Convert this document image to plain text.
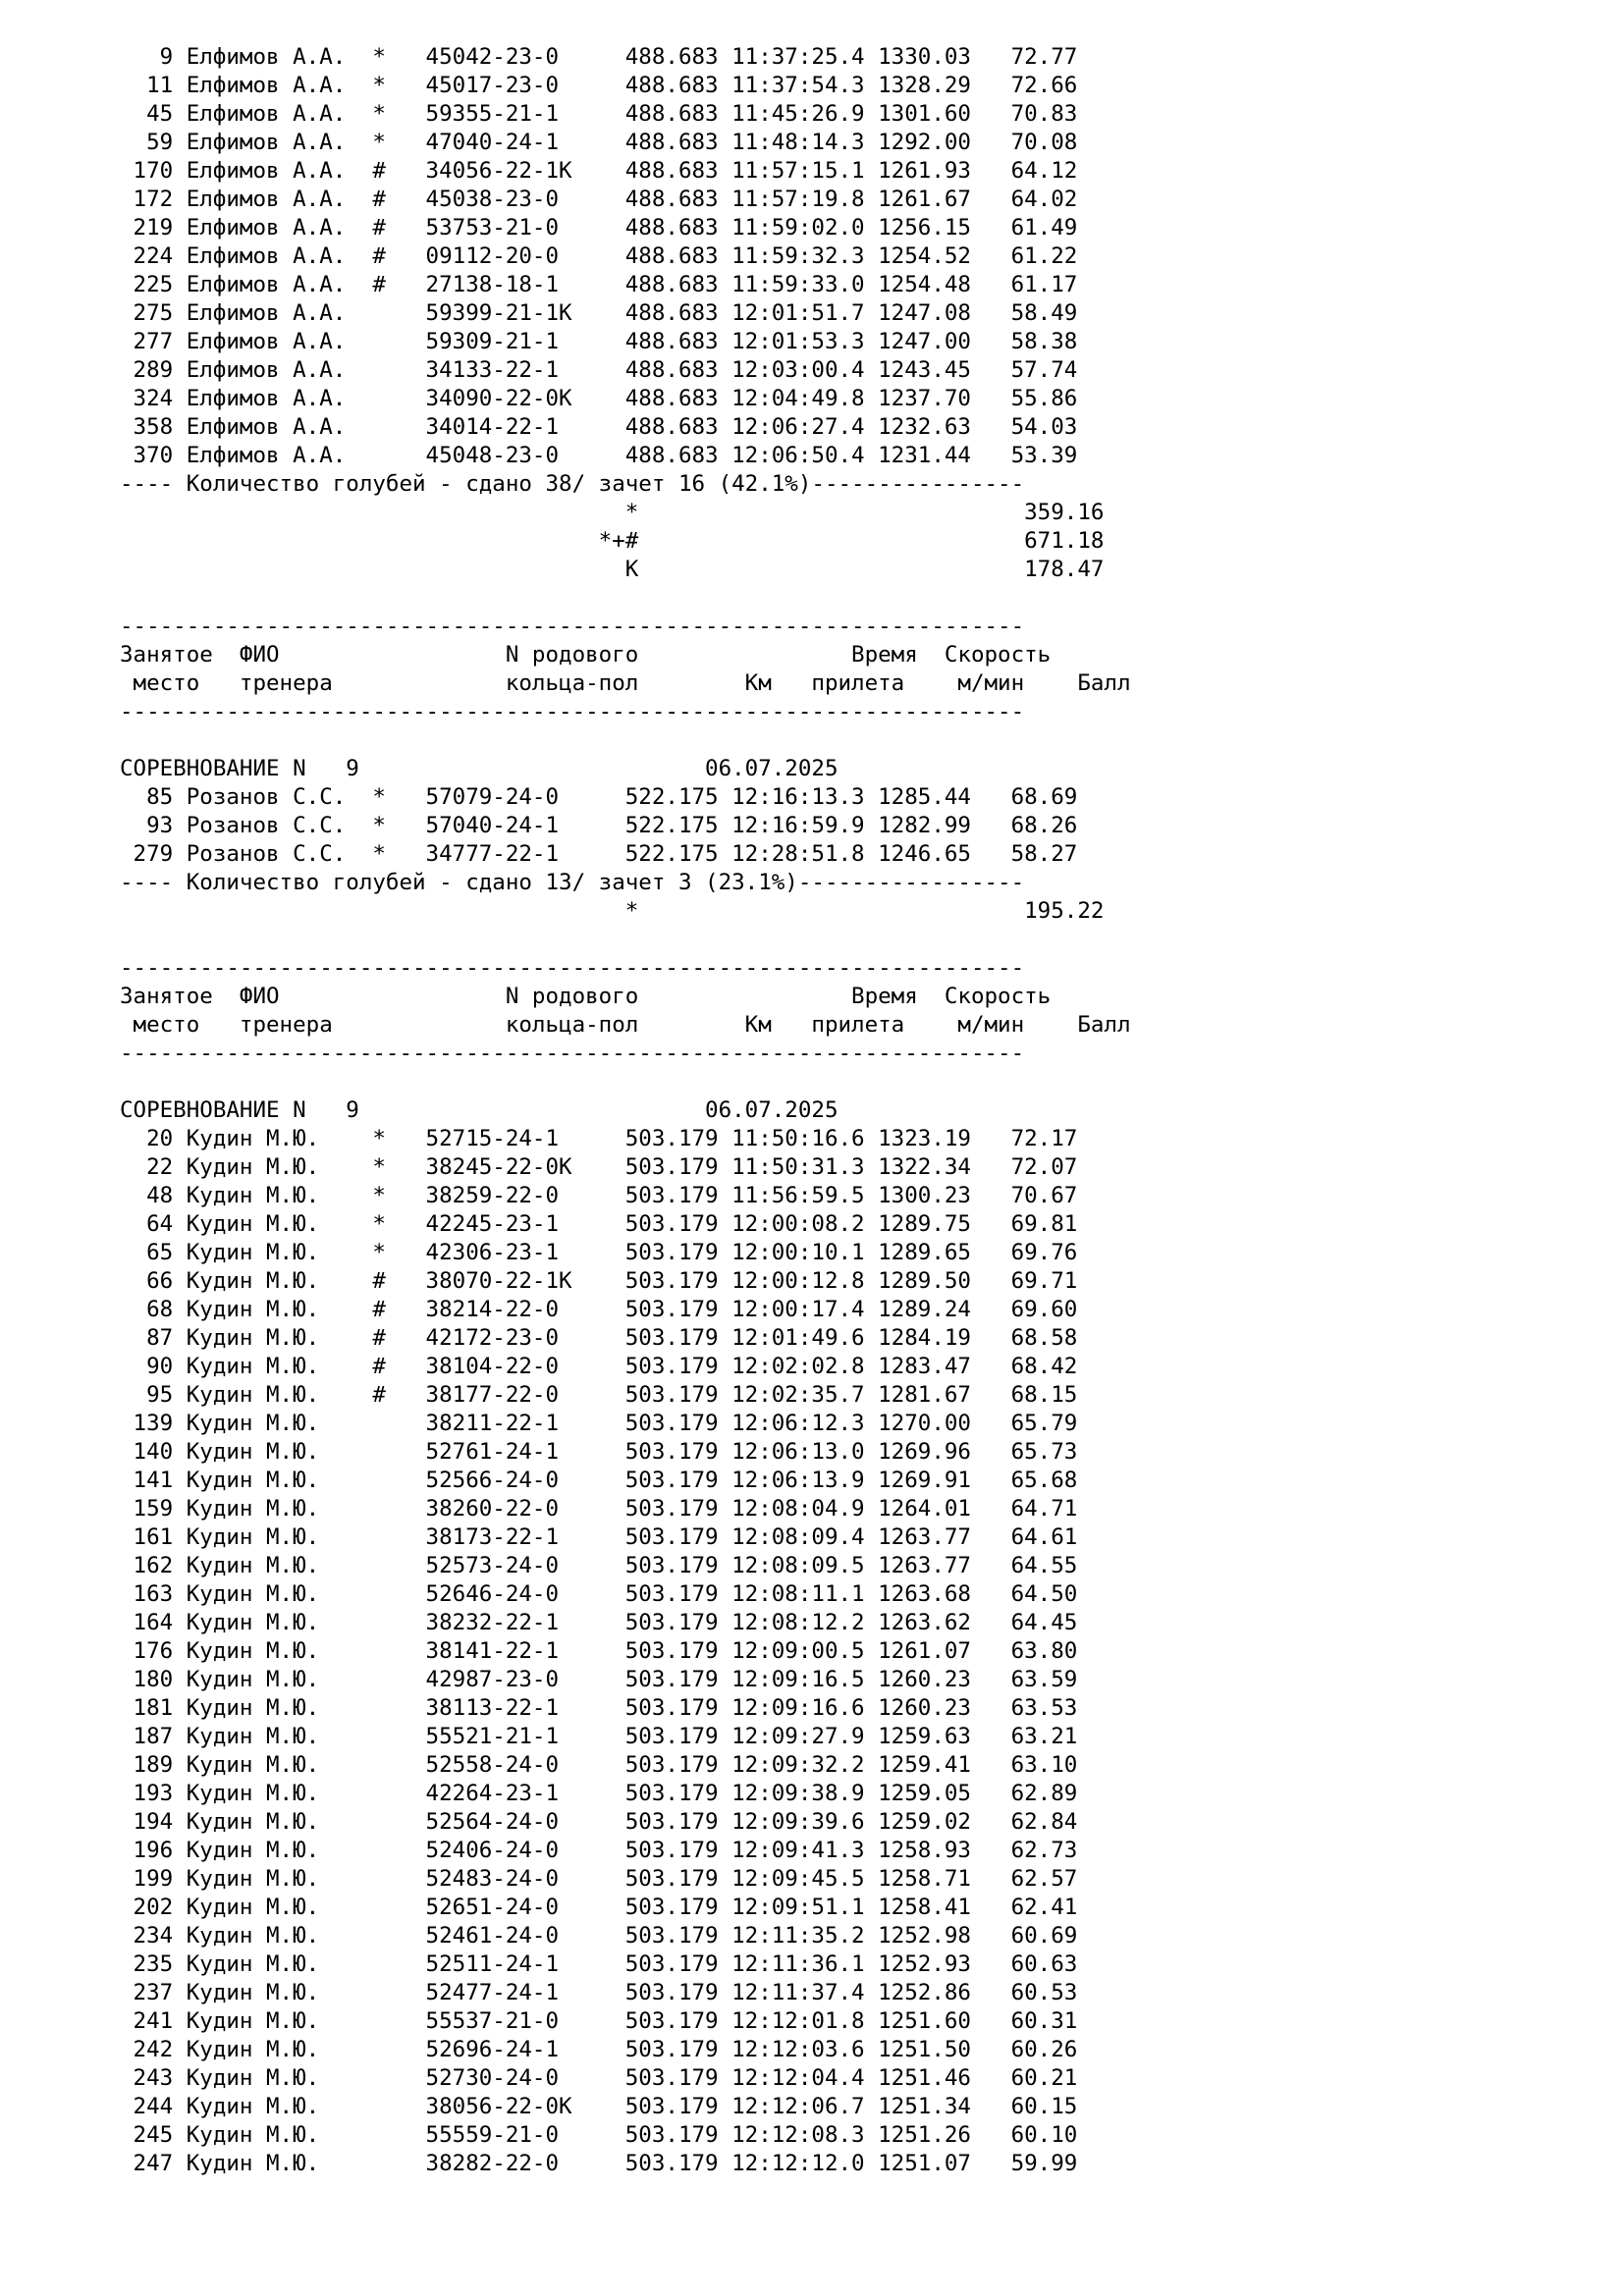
9 Елфимов А.А.  *   45042-23-0     488.683 11:37:25.4 1330.03   72.77
11 Елфимов А.А.  *   45017-23-0     488.683 11:37:54.3 1328.29   72.66
45 Елфимов А.А.  *   59355-21-1     488.683 11:45:26.9 1301.60   70.83
59 Елфимов А.А.  *   47040-24-1     488.683 11:48:14.3 1292.00   70.08
170 Елфимов А.А.  #   34056-22-1К    488.683 11:57:15.1 1261.93   64.12
172 Елфимов А.А.  #   45038-23-0     488.683 11:57:19.8 1261.67   64.02
219 Елфимов А.А.  #   53753-21-0     488.683 11:59:02.0 1256.15   61.49
224 Елфимов А.А.  #   09112-20-0     488.683 11:59:32.3 1254.52   61.22
225 Елфимов А.А.  #   27138-18-1     488.683 11:59:33.0 1254.48   61.17
275 Елфимов А.А.      59399-21-1К    488.683 12:01:51.7 1247.08   58.49
277 Елфимов А.А.      59309-21-1     488.683 12:01:53.3 1247.00   58.38
289 Елфимов А.А.      34133-22-1     488.683 12:03:00.4 1243.45   57.74
324 Елфимов А.А.      34090-22-0К    488.683 12:04:49.8 1237.70   55.86
358 Елфимов А.А.      34014-22-1     488.683 12:06:27.4 1232.63   54.03
370 Елфимов А.А.      45048-23-0     488.683 12:06:50.4 1231.44   53.39
---- Количество голубей - сдано 38/ зачет 16 (42.1%)----------------
*                             359.16
*+#                             671.18
К                             178.47

--------------------------------------------------------------------
Занятое  ФИО                 N родового                Время  Скорость
место   тренера             кольца-пол        Км   прилета    м/мин    Балл
--------------------------------------------------------------------

СОРЕВНОВАНИЕ N   9                          06.07.2025
85 Розанов С.С.  *   57079-24-0     522.175 12:16:13.3 1285.44   68.69
93 Розанов С.С.  *   57040-24-1     522.175 12:16:59.9 1282.99   68.26
279 Розанов С.С.  *   34777-22-1     522.175 12:28:51.8 1246.65   58.27
---- Количество голубей - сдано 13/ зачет 3 (23.1%)-----------------
*                             195.22

--------------------------------------------------------------------
Занятое  ФИО                 N родового                Время  Скорость
место   тренера             кольца-пол        Км   прилета    м/мин    Балл
--------------------------------------------------------------------

СОРЕВНОВАНИЕ N   9                          06.07.2025
20 Кудин М.Ю.    *   52715-24-1     503.179 11:50:16.6 1323.19   72.17
22 Кудин М.Ю.    *   38245-22-0К    503.179 11:50:31.3 1322.34   72.07
48 Кудин М.Ю.    *   38259-22-0     503.179 11:56:59.5 1300.23   70.67
64 Кудин М.Ю.    *   42245-23-1     503.179 12:00:08.2 1289.75   69.81
65 Кудин М.Ю.    *   42306-23-1     503.179 12:00:10.1 1289.65   69.76
66 Кудин М.Ю.    #   38070-22-1К    503.179 12:00:12.8 1289.50   69.71
68 Кудин М.Ю.    #   38214-22-0     503.179 12:00:17.4 1289.24   69.60
87 Кудин М.Ю.    #   42172-23-0     503.179 12:01:49.6 1284.19   68.58
90 Кудин М.Ю.    #   38104-22-0     503.179 12:02:02.8 1283.47   68.42
95 Кудин М.Ю.    #   38177-22-0     503.179 12:02:35.7 1281.67   68.15
139 Кудин М.Ю.        38211-22-1     503.179 12:06:12.3 1270.00   65.79
140 Кудин М.Ю.        52761-24-1     503.179 12:06:13.0 1269.96   65.73
141 Кудин М.Ю.        52566-24-0     503.179 12:06:13.9 1269.91   65.68
159 Кудин М.Ю.        38260-22-0     503.179 12:08:04.9 1264.01   64.71
161 Кудин М.Ю.        38173-22-1     503.179 12:08:09.4 1263.77   64.61
162 Кудин М.Ю.        52573-24-0     503.179 12:08:09.5 1263.77   64.55
163 Кудин М.Ю.        52646-24-0     503.179 12:08:11.1 1263.68   64.50
164 Кудин М.Ю.        38232-22-1     503.179 12:08:12.2 1263.62   64.45
176 Кудин М.Ю.        38141-22-1     503.179 12:09:00.5 1261.07   63.80
180 Кудин М.Ю.        42987-23-0     503.179 12:09:16.5 1260.23   63.59
181 Кудин М.Ю.        38113-22-1     503.179 12:09:16.6 1260.23   63.53
187 Кудин М.Ю.        55521-21-1     503.179 12:09:27.9 1259.63   63.21
189 Кудин М.Ю.        52558-24-0     503.179 12:09:32.2 1259.41   63.10
193 Кудин М.Ю.        42264-23-1     503.179 12:09:38.9 1259.05   62.89
194 Кудин М.Ю.        52564-24-0     503.179 12:09:39.6 1259.02   62.84
196 Кудин М.Ю.        52406-24-0     503.179 12:09:41.3 1258.93   62.73
199 Кудин М.Ю.        52483-24-0     503.179 12:09:45.5 1258.71   62.57
202 Кудин М.Ю.        52651-24-0     503.179 12:09:51.1 1258.41   62.41
234 Кудин М.Ю.        52461-24-0     503.179 12:11:35.2 1252.98   60.69
235 Кудин М.Ю.        52511-24-1     503.179 12:11:36.1 1252.93   60.63
237 Кудин М.Ю.        52477-24-1     503.179 12:11:37.4 1252.86   60.53
241 Кудин М.Ю.        55537-21-0     503.179 12:12:01.8 1251.60   60.31
242 Кудин М.Ю.        52696-24-1     503.179 12:12:03.6 1251.50   60.26
243 Кудин М.Ю.        52730-24-0     503.179 12:12:04.4 1251.46   60.21
244 Кудин М.Ю.        38056-22-0К    503.179 12:12:06.7 1251.34   60.15
245 Кудин М.Ю.        55559-21-0     503.179 12:12:08.3 1251.26   60.10
247 Кудин М.Ю.        38282-22-0     503.179 12:12:12.0 1251.07   59.99
